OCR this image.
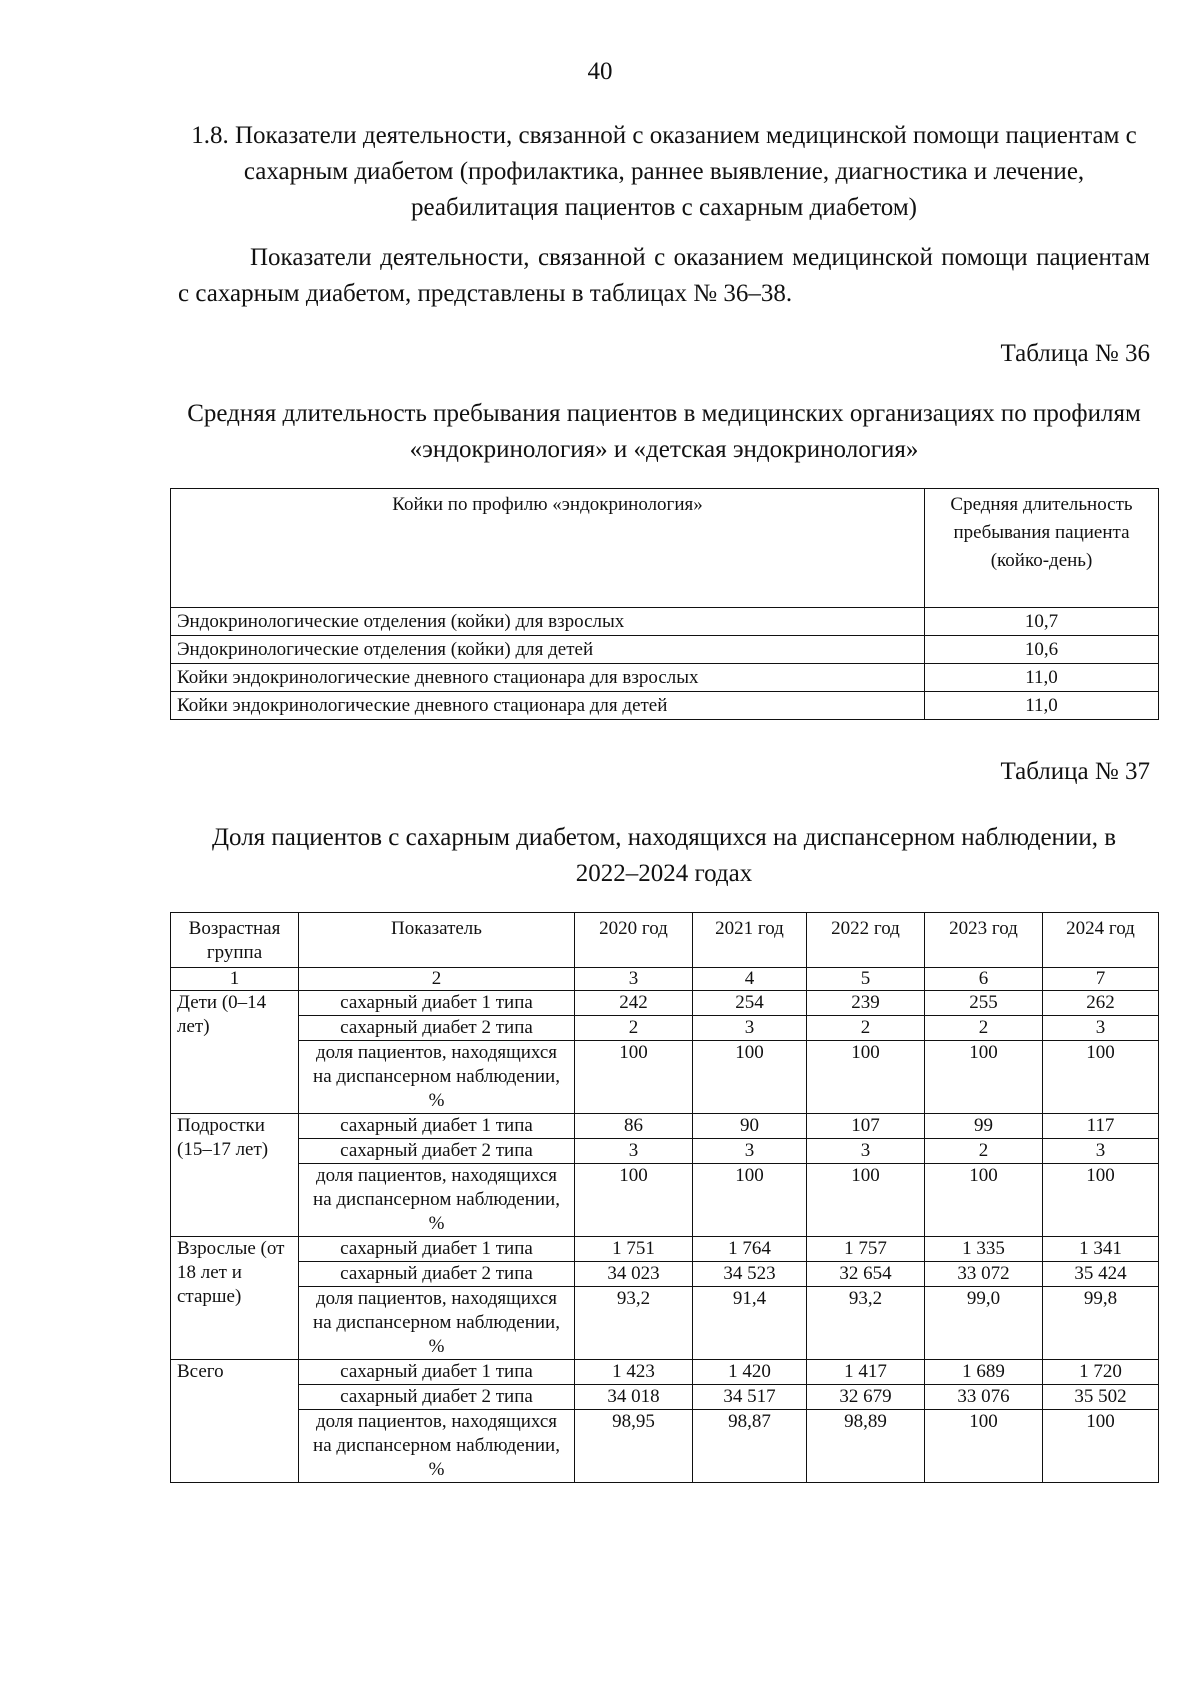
40
1.8. Показатели деятельности, связанной с оказанием медицинской помощи пациентам с сахарным диабетом (профилактика, раннее выявление, диагностика и лечение, реабилитация пациентов с сахарным диабетом)
Показатели деятельности, связанной с оказанием медицинской помощи пациентам с сахарным диабетом, представлены в таблицах № 36–38.
Таблица № 36
Средняя длительность пребывания пациентов в медицинских организациях по профилям «эндокринология» и «детская эндокринология»
Койки по профилю «эндокринология»	Средняя длительность пребывания пациента (койко-день)
Эндокринологические отделения (койки) для взрослых	10,7
Эндокринологические отделения (койки) для детей	10,6
Койки эндокринологические дневного стационара для взрослых	11,0
Койки эндокринологические дневного стационара для детей	11,0
Таблица № 37
Доля пациентов с сахарным диабетом, находящихся на диспансерном наблюдении, в 2022–2024 годах
Возрастная группа	Показатель	2020 год	2021 год	2022 год	2023 год	2024 год
1	2	3	4	5	6	7
Дети (0–14 лет)	сахарный диабет 1 типа	242	254	239	255	262
	сахарный диабет 2 типа	2	3	2	2	3
	доля пациентов, находящихся на диспансерном наблюдении, %	100	100	100	100	100
Подростки (15–17 лет)	сахарный диабет 1 типа	86	90	107	99	117
	сахарный диабет 2 типа	3	3	3	2	3
	доля пациентов, находящихся на диспансерном наблюдении, %	100	100	100	100	100
Взрослые (от 18 лет и старше)	сахарный диабет 1 типа	1 751	1 764	1 757	1 335	1 341
	сахарный диабет 2 типа	34 023	34 523	32 654	33 072	35 424
	доля пациентов, находящихся на диспансерном наблюдении, %	93,2	91,4	93,2	99,0	99,8
Всего	сахарный диабет 1 типа	1 423	1 420	1 417	1 689	1 720
	сахарный диабет 2 типа	34 018	34 517	32 679	33 076	35 502
	доля пациентов, находящихся на диспансерном наблюдении, %	98,95	98,87	98,89	100	100
